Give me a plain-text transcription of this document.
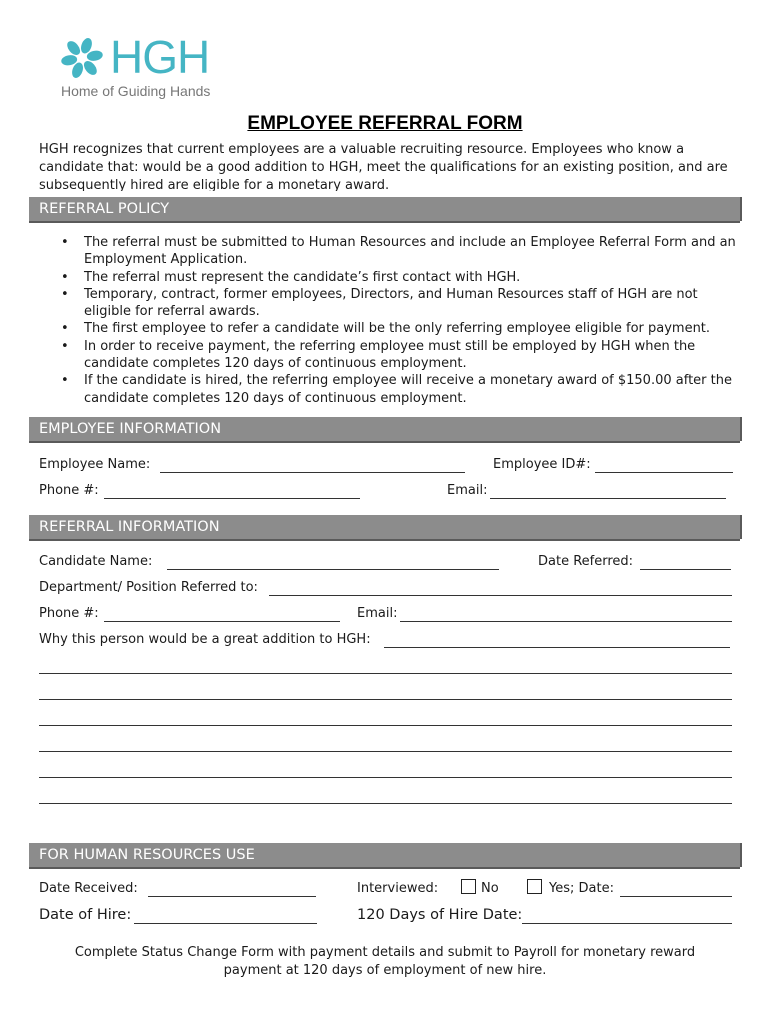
HGH
Home of Guiding Hands
EMPLOYEE REFERRAL FORM
HGH recognizes that current employees are a valuable recruiting resource. Employees who know a candidate that: would be a good addition to HGH, meet the qualifications for an existing position, and are subsequently hired are eligible for a monetary award.
REFERRAL POLICY
• The referral must be submitted to Human Resources and include an Employee Referral Form and an Employment Application.
• The referral must represent the candidate’s first contact with HGH.
• Temporary, contract, former employees, Directors, and Human Resources staff of HGH are not eligible for referral awards.
• The first employee to refer a candidate will be the only referring employee eligible for payment.
• In order to receive payment, the referring employee must still be employed by HGH when the candidate completes 120 days of continuous employment.
• If the candidate is hired, the referring employee will receive a monetary award of $150.00 after the candidate completes 120 days of continuous employment.
EMPLOYEE INFORMATION
Employee Name:	Employee ID#:
Phone #:	Email:
REFERRAL INFORMATION
Candidate Name:	Date Referred:
Department/ Position Referred to:
Phone #:	Email:
Why this person would be a great addition to HGH:
FOR HUMAN RESOURCES USE
Date Received:	Interviewed:	No	Yes; Date:
Date of Hire:	120 Days of Hire Date:
Complete Status Change Form with payment details and submit to Payroll for monetary reward payment at 120 days of employment of new hire.
